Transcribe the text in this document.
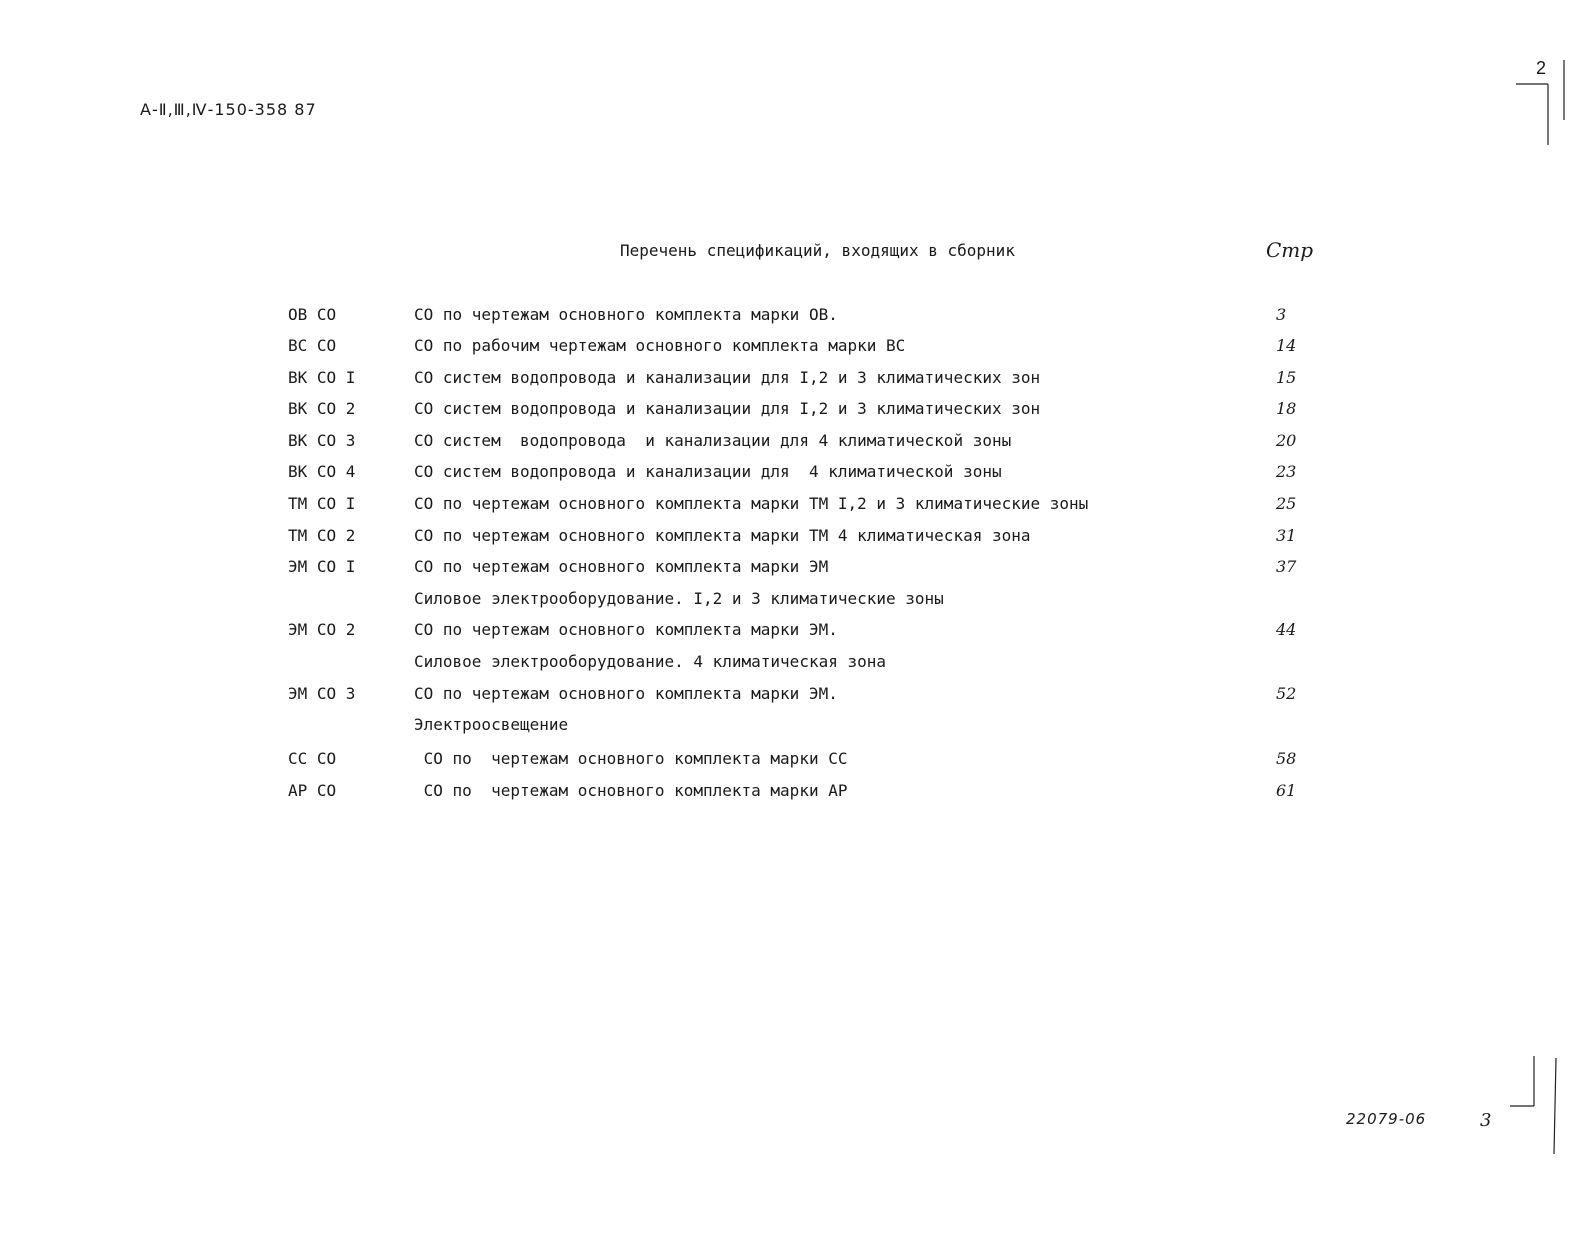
А-Ⅱ,Ⅲ,Ⅳ-150-358 87
2
Перечень спецификаций, входящих в сборник	Стр
ОВ СО	СО по чертежам основного комплекта марки ОВ.	3
ВС СО	СО по рабочим чертежам основного комплекта марки ВС	14
ВК СО I	СО систем водопровода и канализации для I,2 и 3 климатических зон	15
ВК СО 2	СО систем водопровода и канализации для I,2 и 3 климатических зон	18
ВК СО 3	СО систем  водопровода  и канализации для 4 климатической зоны	20
ВК СО 4	СО систем водопровода и канализации для  4 климатической зоны	23
ТМ СО I	СО по чертежам основного комплекта марки ТМ I,2 и 3 климатические зоны	25
ТМ СО 2	СО по чертежам основного комплекта марки ТМ 4 климатическая зона	31
ЭМ СО I	СО по чертежам основного комплекта марки ЭМ	37
Силовое электрооборудование. I,2 и 3 климатические зоны
ЭМ СО 2	СО по чертежам основного комплекта марки ЭМ.	44
Силовое электрооборудование. 4 климатическая зона
ЭМ СО 3	СО по чертежам основного комплекта марки ЭМ.	52
Электроосвещение
СС СО	СО по  чертежам основного комплекта марки СС	58
АР СО	СО по  чертежам основного комплекта марки АР	61
22079-06	3
